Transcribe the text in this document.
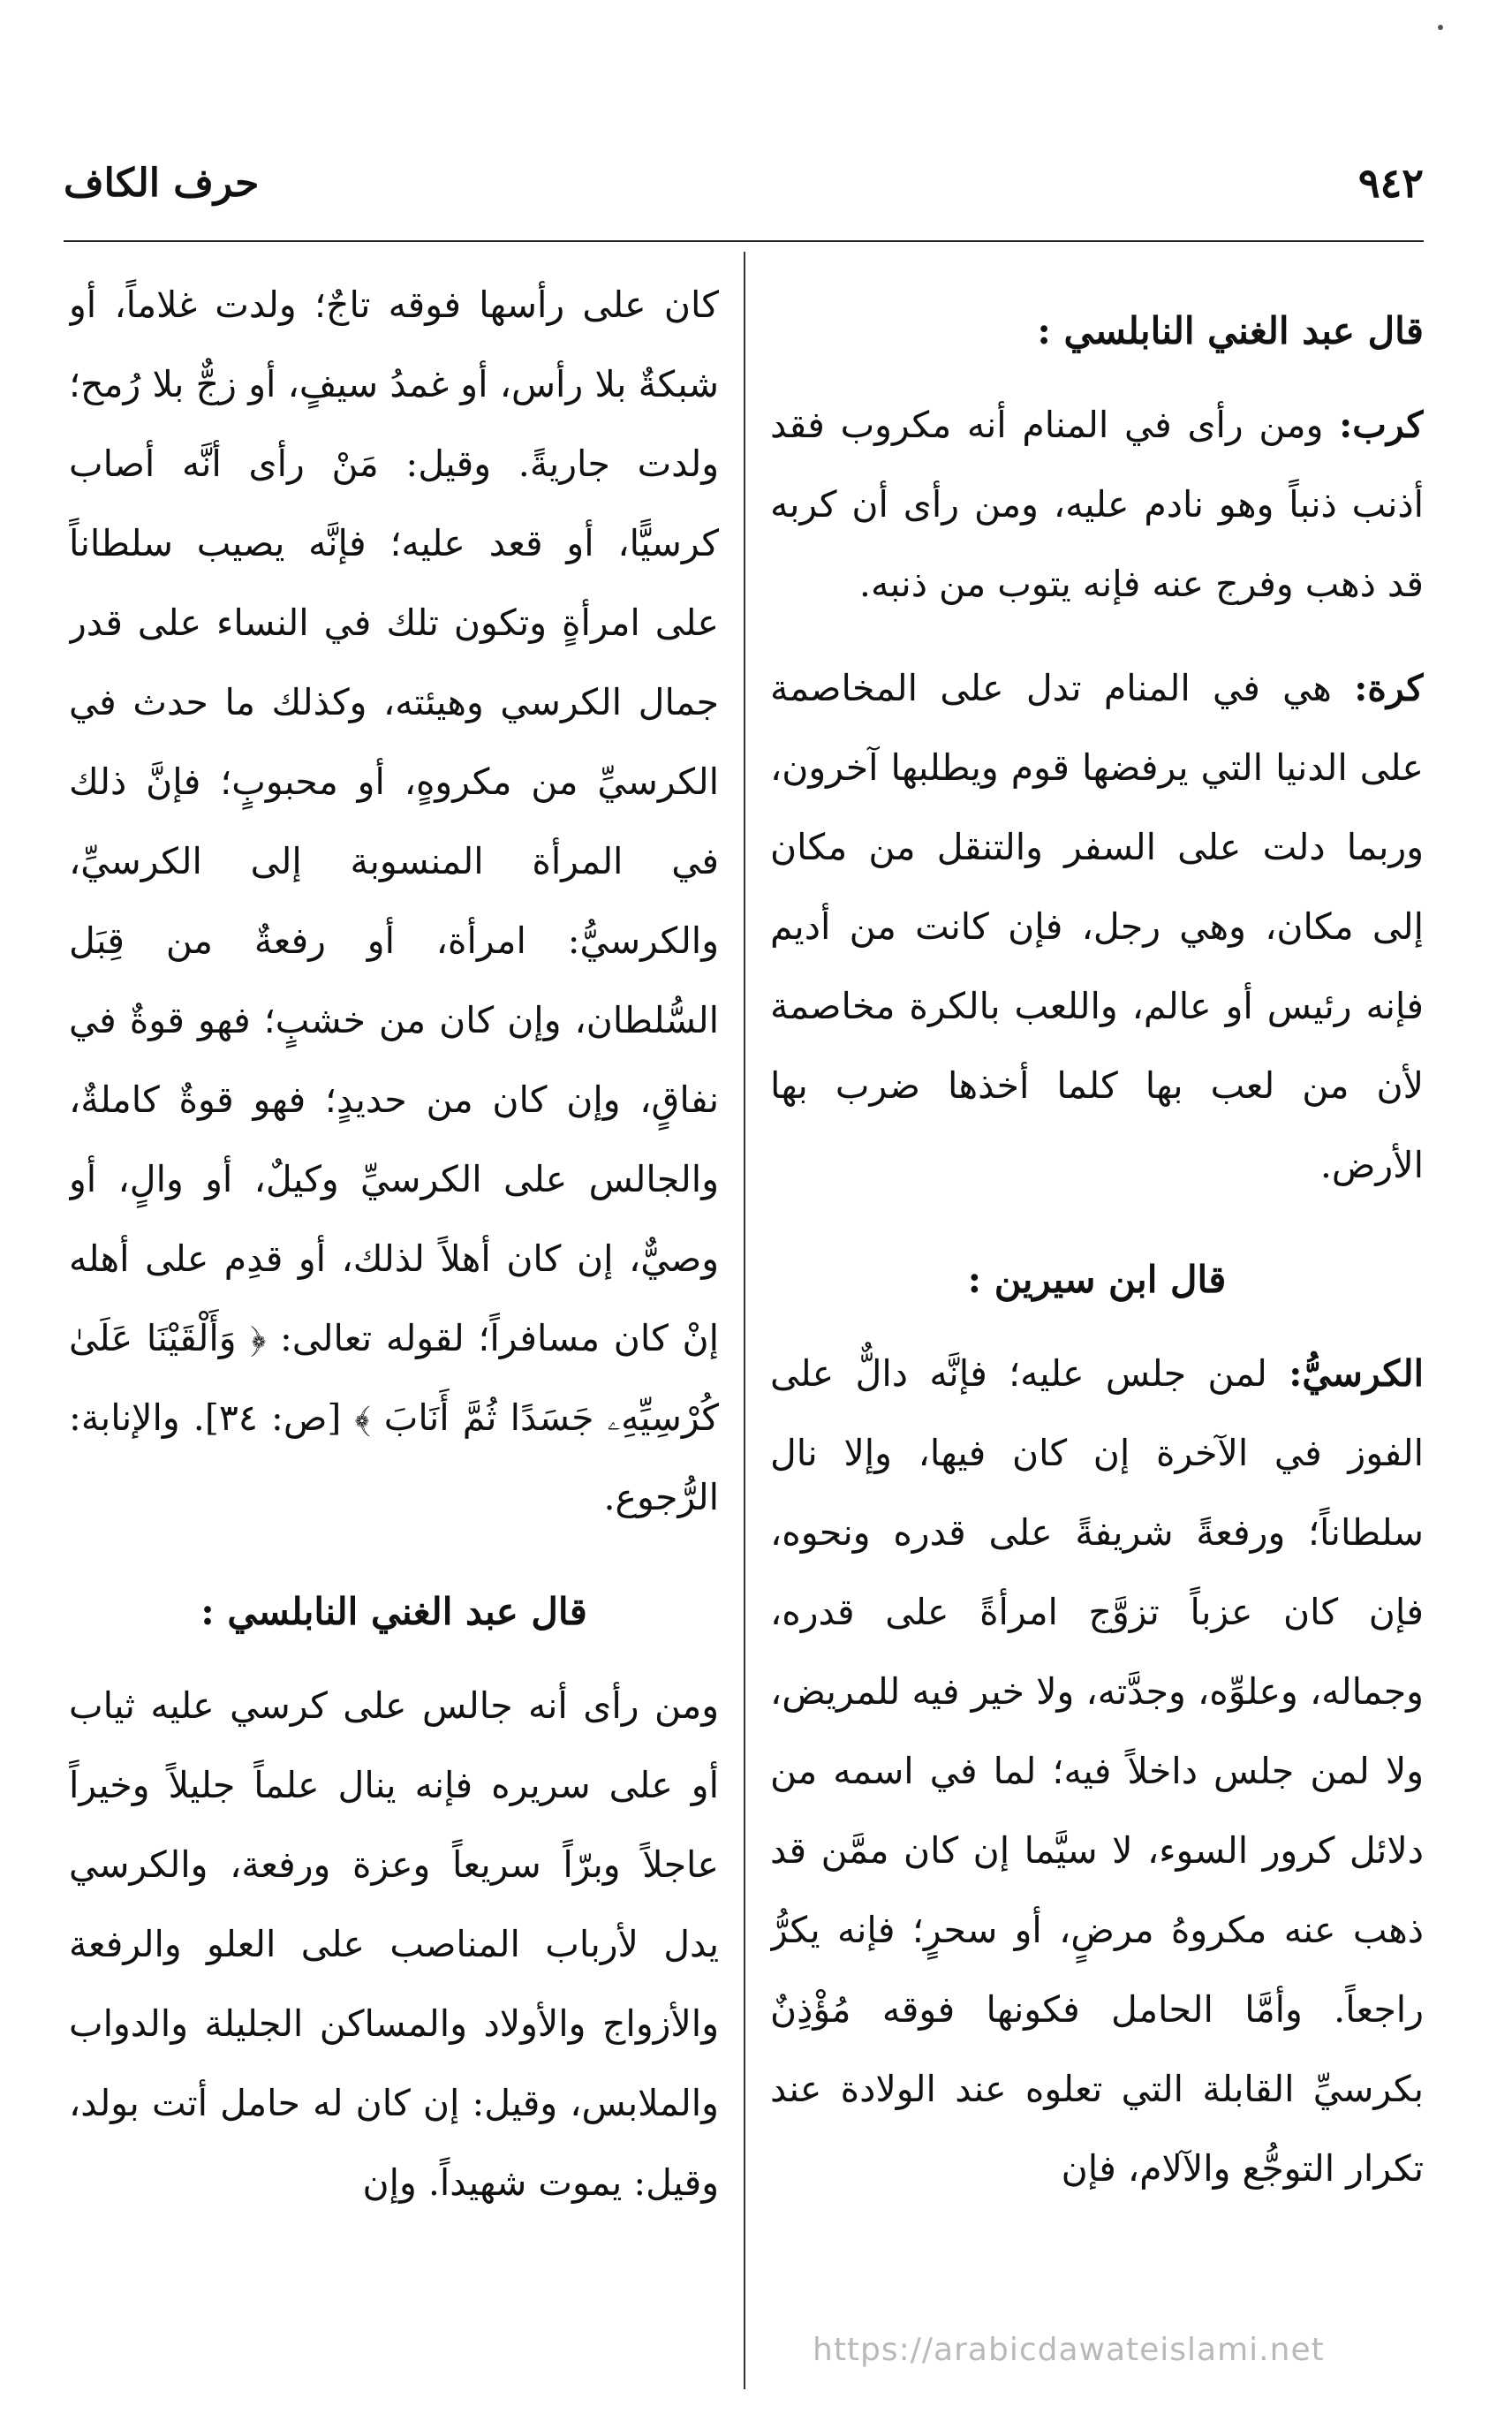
٩٤٢
حرف الكاف
قال عبد الغني النابلسي :

كرب: ومن رأى في المنام أنه مكروب فقد أذنب ذنباً وهو نادم عليه، ومن رأى أن كربه قد ذهب وفرج عنه فإنه يتوب من ذنبه.

كرة: هي في المنام تدل على المخاصمة على الدنيا التي يرفضها قوم ويطلبها آخرون، وربما دلت على السفر والتنقل من مكان إلى مكان، وهي رجل، فإن كانت من أديم فإنه رئيس أو عالم، واللعب بالكرة مخاصمة لأن من لعب بها كلما أخذها ضرب بها الأرض.

قال ابن سيرين :

الكرسيُّ: لمن جلس عليه؛ فإنَّه دالٌّ على الفوز في الآخرة إن كان فيها، وإلا نال سلطاناً؛ ورفعةً شريفةً على قدره ونحوه، فإن كان عزباً تزوَّج امرأةً على قدره، وجماله، وعلوِّه، وجدَّته، ولا خير فيه للمريض، ولا لمن جلس داخلاً فيه؛ لما في اسمه من دلائل كرور السوء، لا سيَّما إن كان ممَّن قد ذهب عنه مكروهُ مرضٍ، أو سحرٍ؛ فإنه يكرُّ راجعاً. وأمَّا الحامل فكونها فوقه مُؤْذِنٌ بكرسيِّ القابلة التي تعلوه عند الولادة عند تكرار التوجُّع والآلام، فإن

كان على رأسها فوقه تاجٌ؛ ولدت غلاماً، أو شبكةٌ بلا رأس، أو غمدُ سيفٍ، أو زجٌّ بلا رُمح؛ ولدت جاريةً. وقيل: مَنْ رأى أنَّه أصاب كرسيًّا، أو قعد عليه؛ فإنَّه يصيب سلطاناً على امرأةٍ وتكون تلك في النساء على قدر جمال الكرسي وهيئته، وكذلك ما حدث في الكرسيِّ من مكروهٍ، أو محبوبٍ؛ فإنَّ ذلك في المرأة المنسوبة إلى الكرسيِّ، والكرسيُّ: امرأة، أو رفعةٌ من قِبَل السُّلطان، وإن كان من خشبٍ؛ فهو قوةٌ في نفاقٍ، وإن كان من حديدٍ؛ فهو قوةٌ كاملةٌ، والجالس على الكرسيِّ وكيلٌ، أو والٍ، أو وصيٌّ، إن كان أهلاً لذلك، أو قدِم على أهله إنْ كان مسافراً؛ لقوله تعالى: ﴿ وَأَلْقَيْنَا عَلَىٰ كُرْسِيِّهِۦ جَسَدًا ثُمَّ أَنَابَ ﴾ [ص: ٣٤]. والإنابة: الرُّجوع.

قال عبد الغني النابلسي :

ومن رأى أنه جالس على كرسي عليه ثياب أو على سريره فإنه ينال علماً جليلاً وخيراً عاجلاً وبرّاً سريعاً وعزة ورفعة، والكرسي يدل لأرباب المناصب على العلو والرفعة والأزواج والأولاد والمساكن الجليلة والدواب والملابس، وقيل: إن كان له حامل أتت بولد، وقيل: يموت شهيداً. وإن

https://arabicdawateislami.net
